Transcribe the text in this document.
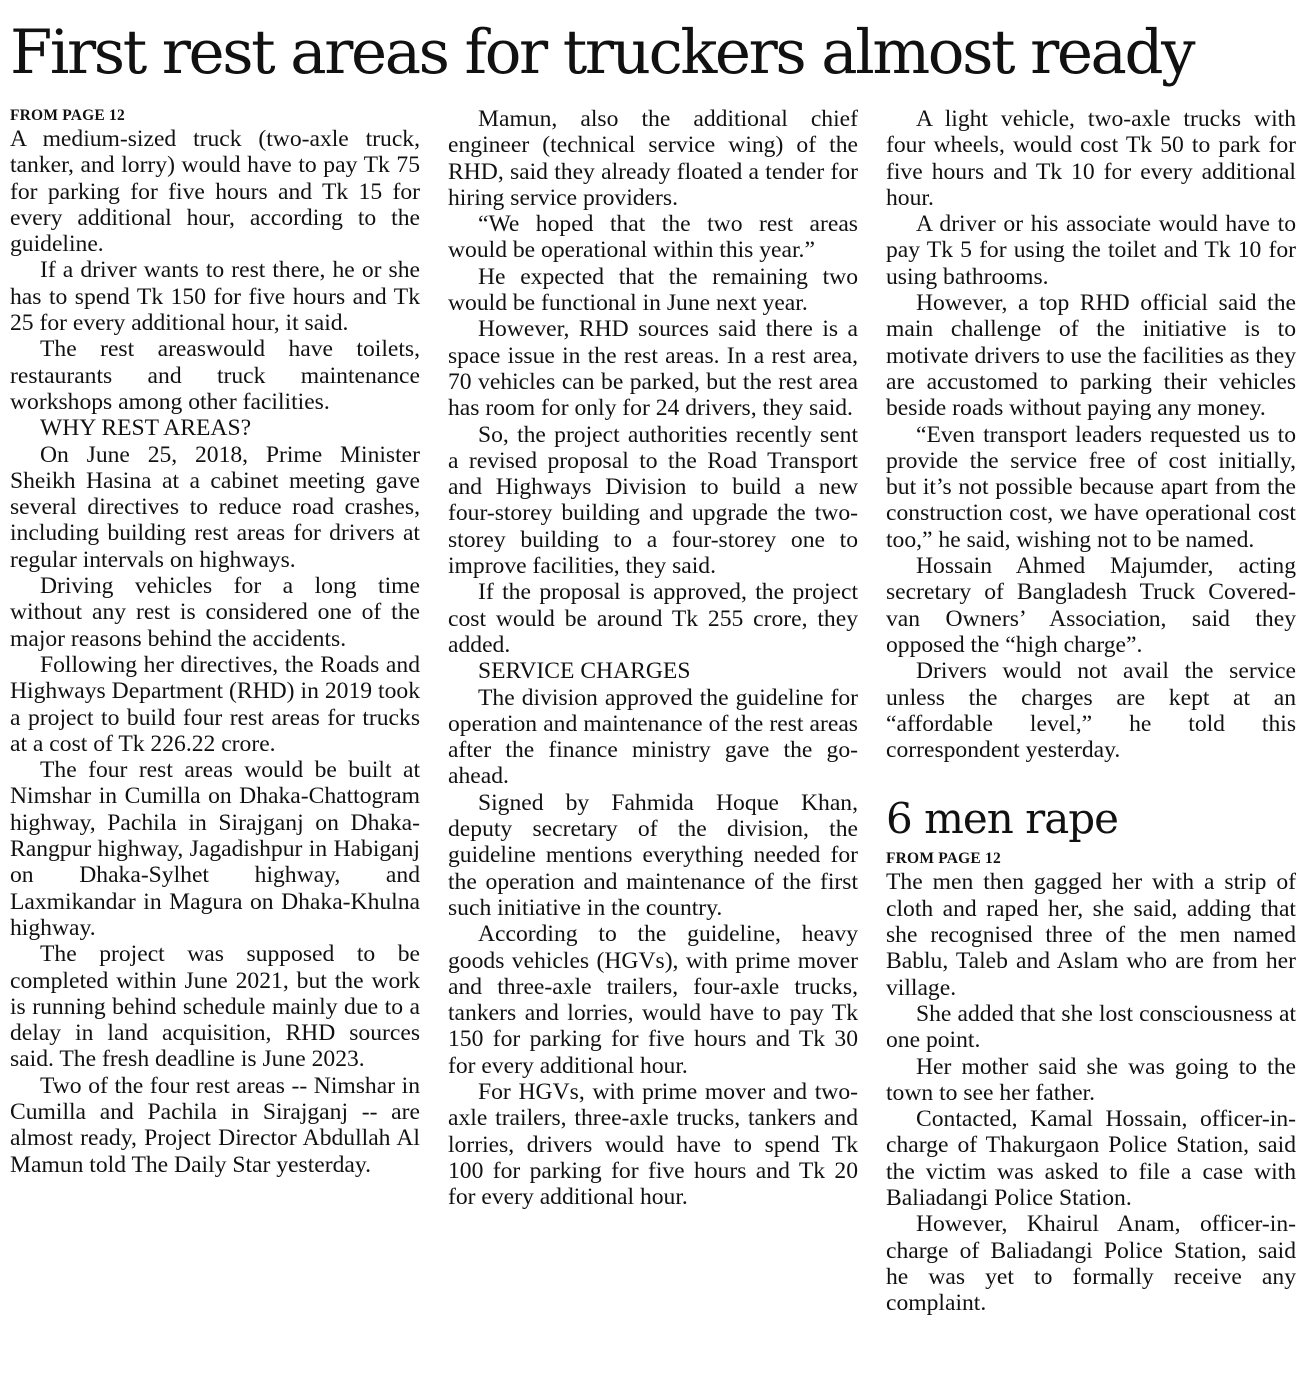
First rest areas for truckers almost ready
FROM PAGE 12

A medium-sized truck (two-axle truck, tanker, and lorry) would have to pay Tk 75 for parking for five hours and Tk 15 for every additional hour, according to the guideline.

If a driver wants to rest there, he or she has to spend Tk 150 for five hours and Tk 25 for every additional hour, it said.

The rest areaswould have toilets, restaurants and truck maintenance workshops among other facilities.

WHY REST AREAS?

On June 25, 2018, Prime Minister Sheikh Hasina at a cabinet meeting gave several directives to reduce road crashes, including building rest areas for drivers at regular intervals on highways.

Driving vehicles for a long time without any rest is considered one of the major reasons behind the accidents.

Following her directives, the Roads and Highways Department (RHD) in 2019 took a project to build four rest areas for trucks at a cost of Tk 226.22 crore.

The four rest areas would be built at Nimshar in Cumilla on Dhaka-Chattogram highway, Pachila in Sirajganj on Dhaka-Rangpur highway, Jagadishpur in Habiganj on Dhaka-Sylhet highway, and Laxmikandar in Magura on Dhaka-Khulna highway.

The project was supposed to be completed within June 2021, but the work is running behind schedule mainly due to a delay in land acquisition, RHD sources said. The fresh deadline is June 2023.

Two of the four rest areas -- Nimshar in Cumilla and Pachila in Sirajganj -- are almost ready, Project Director Abdullah Al Mamun told The Daily Star yesterday.

Mamun, also the additional chief engineer (technical service wing) of the RHD, said they already floated a tender for hiring service providers.

“We hoped that the two rest areas would be operational within this year.”

He expected that the remaining two would be functional in June next year.

However, RHD sources said there is a space issue in the rest areas. In a rest area, 70 vehicles can be parked, but the rest area has room for only for 24 drivers, they said.

So, the project authorities recently sent a revised proposal to the Road Transport and Highways Division to build a new four-storey building and upgrade the two-storey building to a four-storey one to improve facilities, they said.

If the proposal is approved, the project cost would be around Tk 255 crore, they added.

SERVICE CHARGES

The division approved the guideline for operation and maintenance of the rest areas after the finance ministry gave the go-ahead.

Signed by Fahmida Hoque Khan, deputy secretary of the division, the guideline mentions everything needed for the operation and maintenance of the first such initiative in the country.

According to the guideline, heavy goods vehicles (HGVs), with prime mover and three-axle trailers, four-axle trucks, tankers and lorries, would have to pay Tk 150 for parking for five hours and Tk 30 for every additional hour.

For HGVs, with prime mover and two-axle trailers, three-axle trucks, tankers and lorries, drivers would have to spend Tk 100 for parking for five hours and Tk 20 for every additional hour.

A light vehicle, two-axle trucks with four wheels, would cost Tk 50 to park for five hours and Tk 10 for every additional hour.

A driver or his associate would have to pay Tk 5 for using the toilet and Tk 10 for using bathrooms.

However, a top RHD official said the main challenge of the initiative is to motivate drivers to use the facilities as they are accustomed to parking their vehicles beside roads without paying any money.

“Even transport leaders requested us to provide the service free of cost initially, but it’s not possible because apart from the construction cost, we have operational cost too,” he said, wishing not to be named.

Hossain Ahmed Majumder, acting secretary of Bangladesh Truck Covered-van Owners’ Association, said they opposed the “high charge”.

Drivers would not avail the service unless the charges are kept at an “affordable level,” he told this correspondent yesterday.

6 men rape
FROM PAGE 12

The men then gagged her with a strip of cloth and raped her, she said, adding that she recognised three of the men named Bablu, Taleb and Aslam who are from her village.

She added that she lost consciousness at one point.

Her mother said she was going to the town to see her father.

Contacted, Kamal Hossain, officer-in-charge of Thakurgaon Police Station, said the victim was asked to file a case with Baliadangi Police Station.

However, Khairul Anam, officer-in-charge of Baliadangi Police Station, said he was yet to formally receive any complaint.
